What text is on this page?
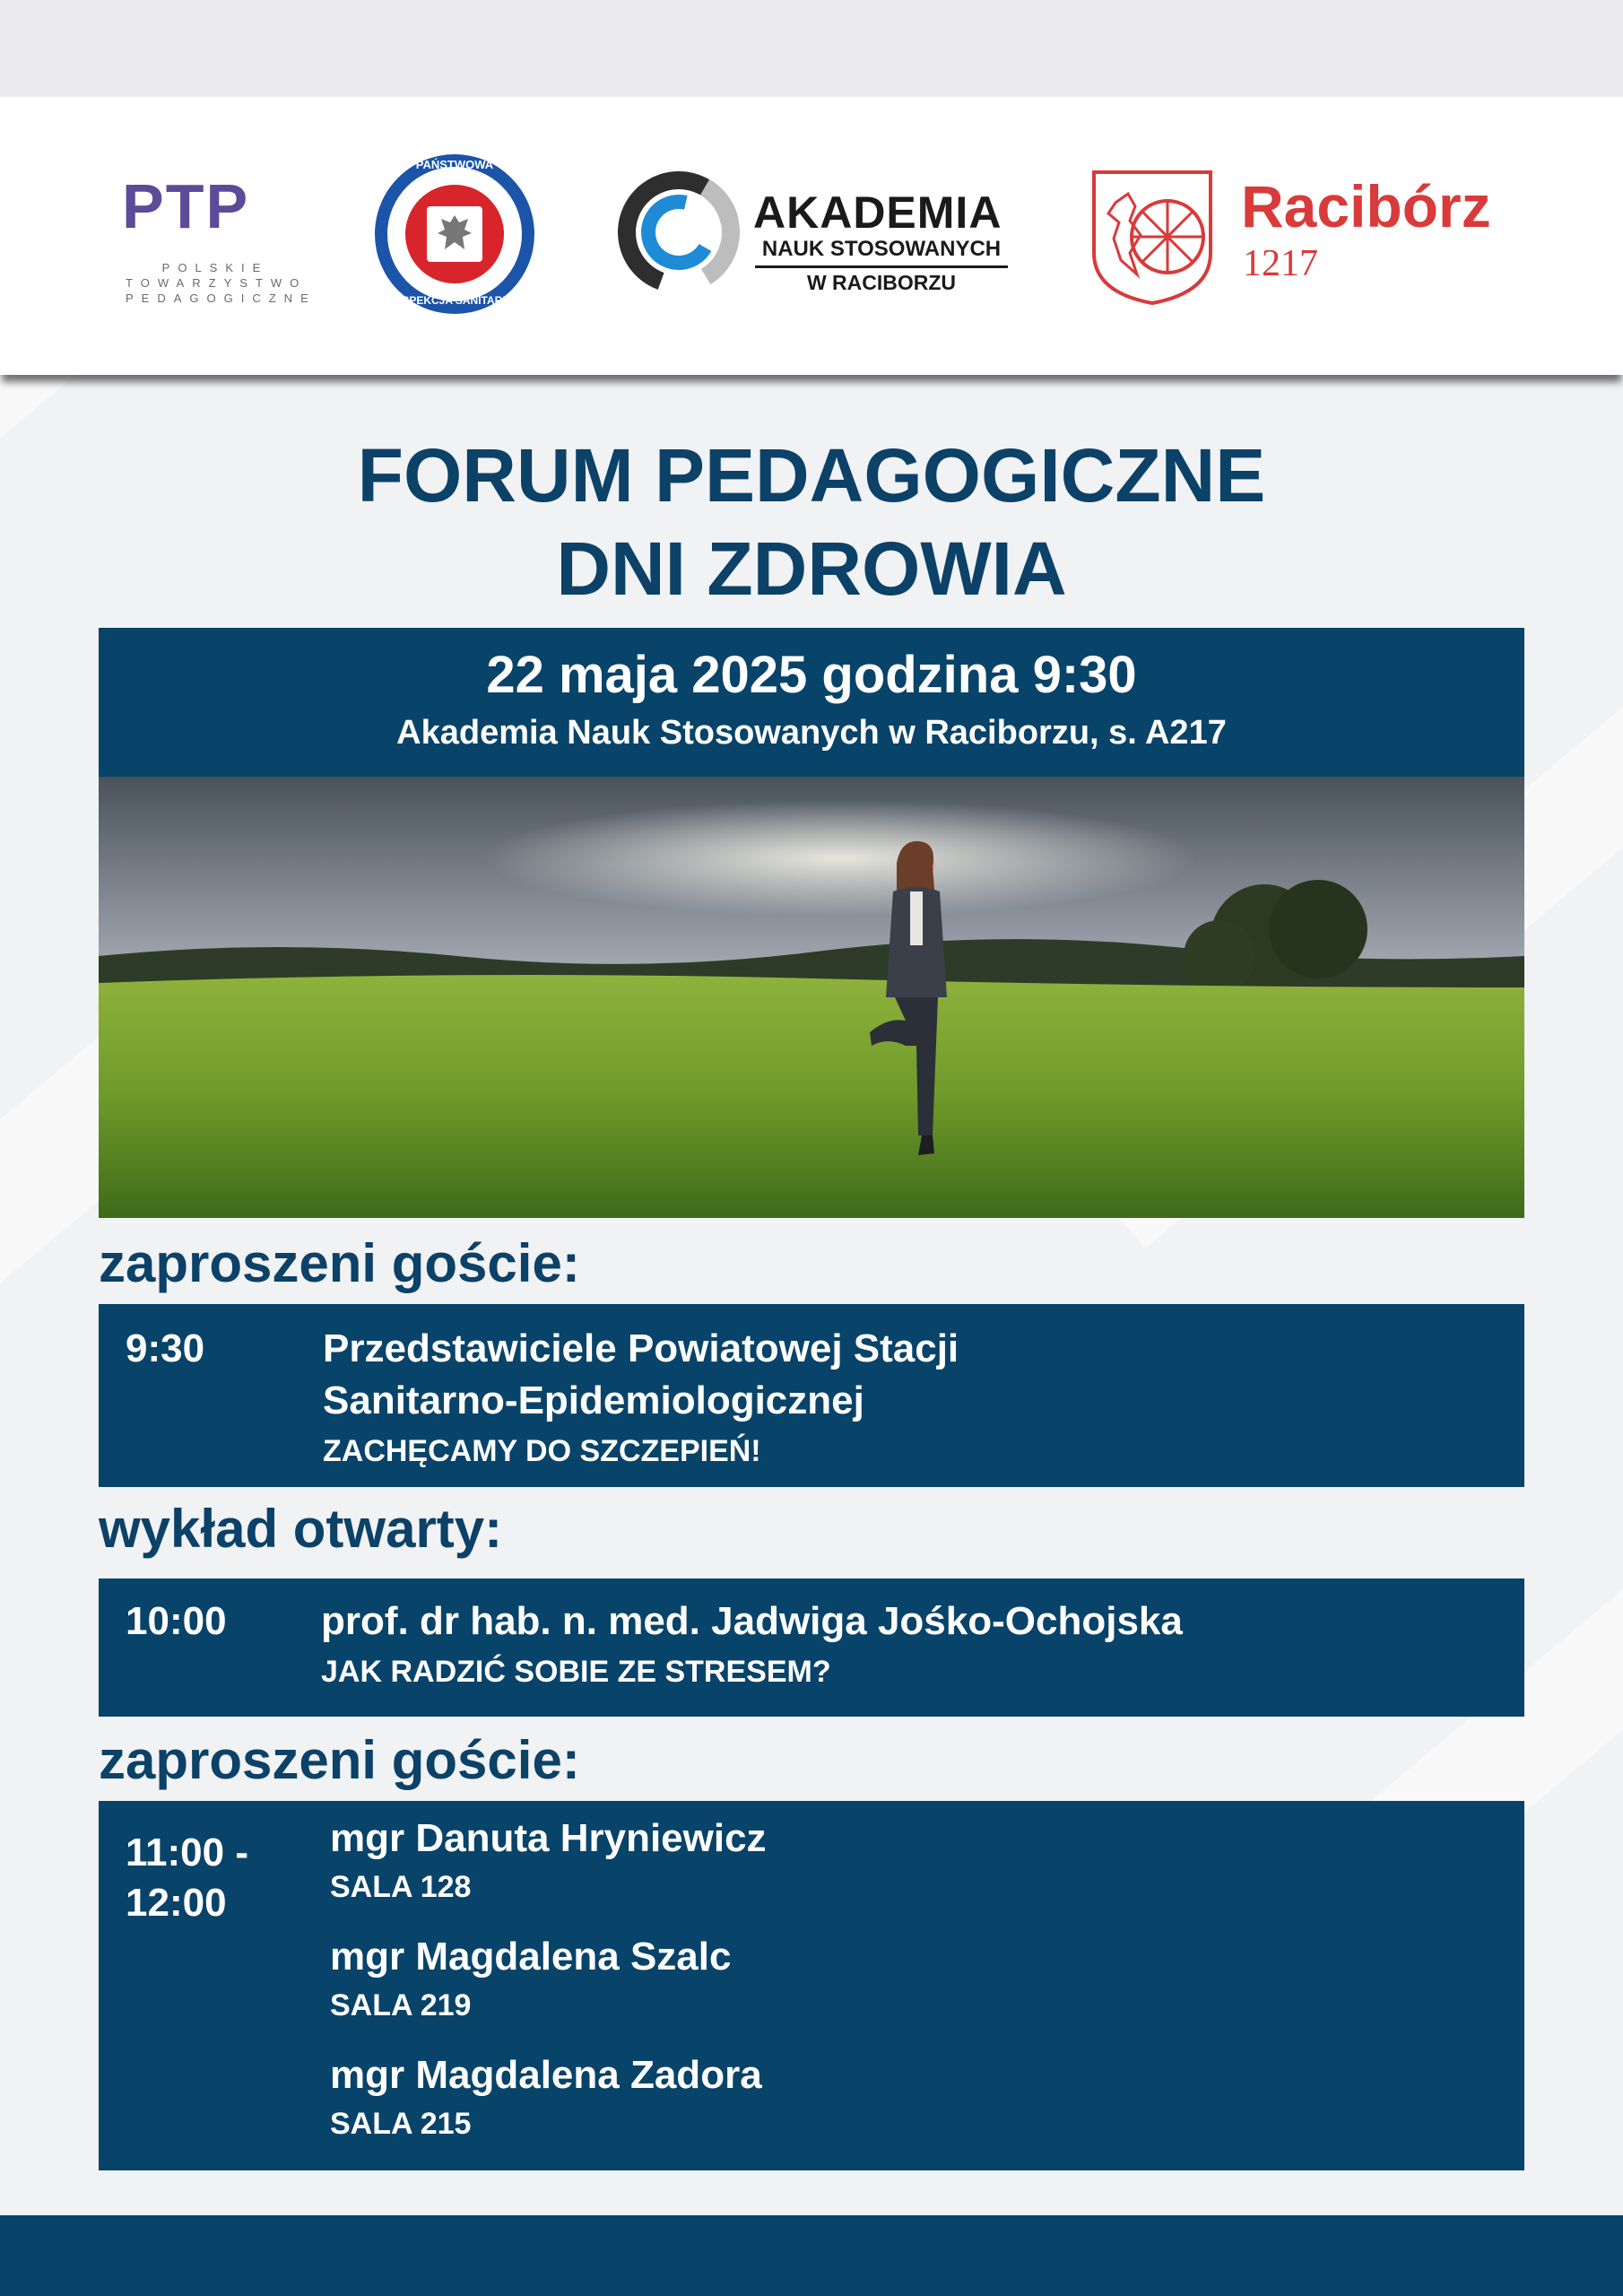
ΡTP
POLSKIE
TOWARZYSTWO
PEDAGOGICZNE
PAŃSTWOWA
INSPEKCJA SANITARNA
AKADEMIA
NAUK STOSOWANYCH
W RACIBORZU
Racibórz
1217
FORUM PEDAGOGICZNE
DNI ZDROWIA
22 maja 2025 godzina 9:30
Akademia Nauk Stosowanych w Raciborzu, s. A217
zaproszeni goście:
9:30	Przedstawiciele Powiatowej Stacji
Sanitarno-Epidemiologicznej
ZACHĘCAMY DO SZCZEPIEŃ!
wykład otwarty:
10:00 prof. dr hab. n. med. Jadwiga Jośko-Ochojska
JAK RADZIĆ SOBIE ZE STRESEM?
zaproszeni goście:
11:00 -
12:00
mgr Danuta Hryniewicz
SALA 128
mgr Magdalena Szalc
SALA 219
mgr Magdalena Zadora
SALA 215
